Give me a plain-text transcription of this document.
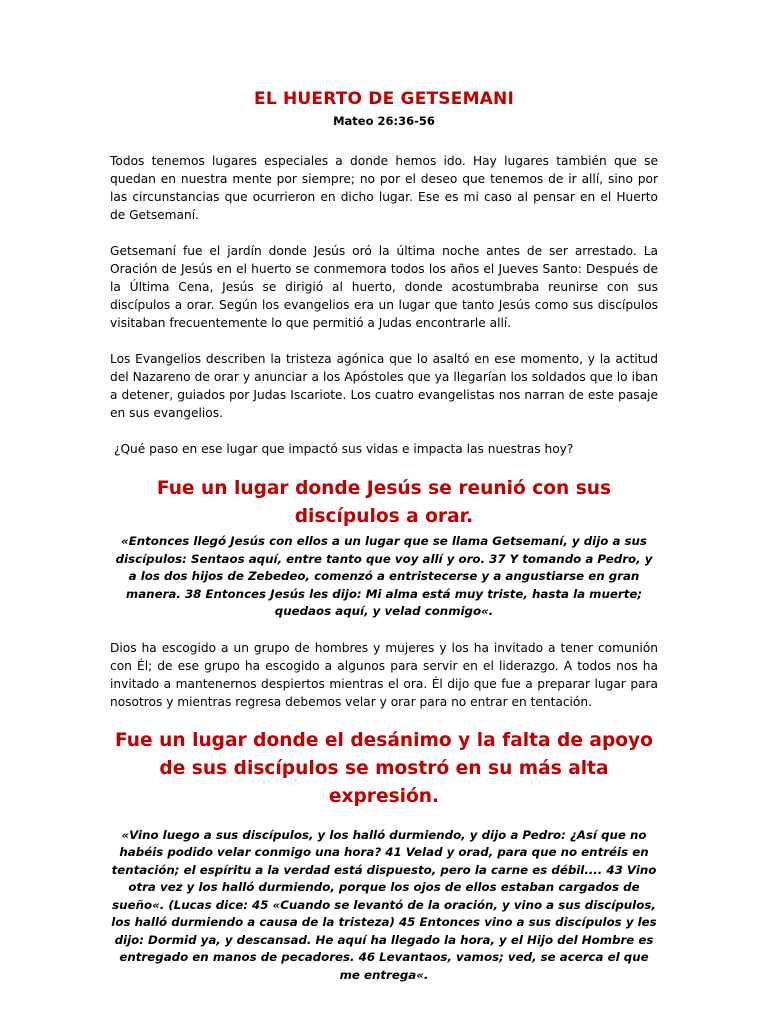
EL HUERTO DE GETSEMANI

Mateo 26:36-56

Todos tenemos lugares especiales a donde hemos ido. Hay lugares también que se quedan en nuestra mente por siempre; no por el deseo que tenemos de ir allí, sino por las circunstancias que ocurrieron en dicho lugar. Ese es mi caso al pensar en el Huerto de Getsemaní.

Getsemaní fue el jardín donde Jesús oró la última noche antes de ser arrestado. La Oración de Jesús en el huerto se conmemora todos los años el Jueves Santo: Después de la Última Cena, Jesús se dirigió al huerto, donde acostumbraba reunirse con sus discípulos a orar. Según los evangelios era un lugar que tanto Jesús como sus discípulos visitaban frecuentemente lo que permitió a Judas encontrarle allí.

Los Evangelios describen la tristeza agónica que lo asaltó en ese momento, y la actitud del Nazareno de orar y anunciar a los Apóstoles que ya llegarían los soldados que lo iban a detener, guiados por Judas Iscariote. Los cuatro evangelistas nos narran de este pasaje en sus evangelios.

¿Qué paso en ese lugar que impactó sus vidas e impacta las nuestras hoy?

Fue un lugar donde Jesús se reunió con sus discípulos a orar.

«Entonces llegó Jesús con ellos a un lugar que se llama Getsemaní, y dijo a sus discípulos: Sentaos aquí, entre tanto que voy allí y oro. 37 Y tomando a Pedro, y a los dos hijos de Zebedeo, comenzó a entristecerse y a angustiarse en gran manera. 38 Entonces Jesús les dijo: Mi alma está muy triste, hasta la muerte; quedaos aquí, y velad conmigo«.

Dios ha escogido a un grupo de hombres y mujeres y los ha invitado a tener comunión con Él; de ese grupo ha escogido a algunos para servir en el liderazgo. A todos nos ha invitado a mantenernos despiertos mientras el ora. Él dijo que fue a preparar lugar para nosotros y mientras regresa debemos velar y orar para no entrar en tentación.

Fue un lugar donde el desánimo y la falta de apoyo de sus discípulos se mostró en su más alta expresión.

«Vino luego a sus discípulos, y los halló durmiendo, y dijo a Pedro: ¿Así que no habéis podido velar conmigo una hora? 41 Velad y orad, para que no entréis en tentación; el espíritu a la verdad está dispuesto, pero la carne es débil.... 43 Vino otra vez y los halló durmiendo, porque los ojos de ellos estaban cargados de sueño«. (Lucas dice: 45 «Cuando se levantó de la oración, y vino a sus discípulos, los halló durmiendo a causa de la tristeza) 45 Entonces vino a sus discípulos y les dijo: Dormid ya, y descansad. He aquí ha llegado la hora, y el Hijo del Hombre es entregado en manos de pecadores. 46 Levantaos, vamos; ved, se acerca el que me entrega«.
